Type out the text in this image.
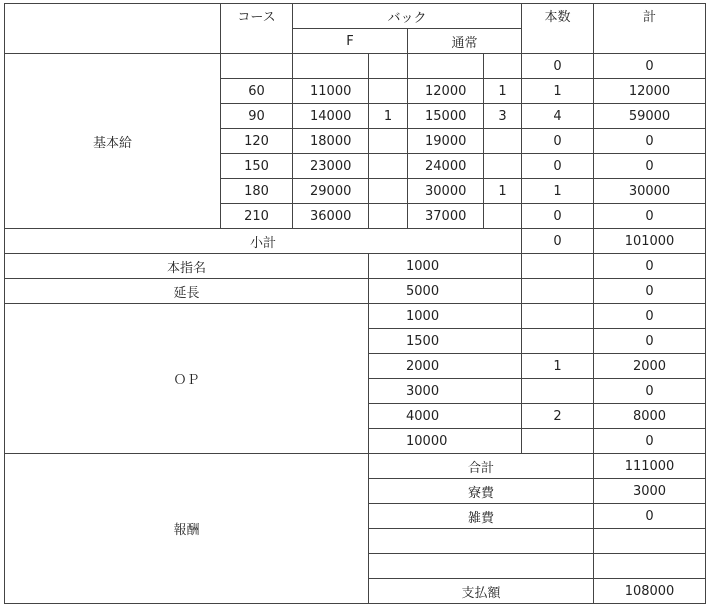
	コース	バック				本数	計
		F		通常			
基本給						0	0
	60	11000		12000	1	1	12000
	90	14000	1	15000	3	4	59000
	120	18000		19000		0	0
	150	23000		24000		0	0
	180	29000		30000	1	1	30000
	210	36000		37000		0	0
小計						0	101000
本指名			1000				0
延長			5000				0
ＯＰ			1000				0
			1500				0
			2000			1	2000
			3000				0
			4000			2	8000
			10000				0
報酬			合計				111000
			寮費				3000
			雑費				0

			支払額				108000
